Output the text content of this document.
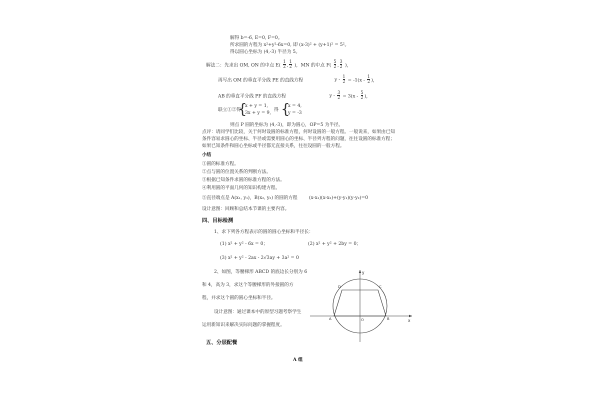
解得 b=-6, E=0, F=0。
所求圆的方程为 x²+y²-6x=0, 即 (x-3)² + (y+1)² = 5²。
得以圆心坐标为 (4,-3) 半径为 5。
解法二：先求出 OM, ON 的中点 $E( \frac{1}{2}$ , $\frac{1}{2}$ )，MN 的中点 $F( \frac{5}{2}$ , $\frac{3}{2}$ )，
再写出 OM 的垂直平分线 PE 的直线方程	$y - \frac{1}{2} = -1(x - \frac{1}{2}$ )，
AB 的垂直平分线 PF 的直线方程	$y - \frac{3}{2} = 3(x - \frac{5}{2}$ )，
联立①②得
{
x + y = 1,
3x + y = 9,
得 {
x = 4,
y = -3
则点 P 圆的坐标为 (4,-3)，即为圆心，OP=5 为半径。
点评：请同学们比较，关于何时设圆的标准方程，何时设圆的一般方程。一般说来，如果由已知
条件容易求圆心的坐标、半径或需要用圆心的坐标、半径列方程的问题，往往设圆的标准方程；
如果已知条件和圆心坐标或半径都无直接关系，往往设圆的一般方程。
小结
①圆的标准方程。
②点与圆的位置关系的判断方法。
③根据已知条件求圆的标准方程的方法。
④利用圆的平面几何的知识构建方程。
⑤直径端点是 A(x₁, y₁)，B(x₂, y₂) 的圆的方程 (x-x₁)(x-x₂)+(y-y₁)(y-y₂)=0
设计意图：回顾和总结本节课的主要内容。
四、目标检测
1、求下列各方程表示的圆的圆心坐标和半径长：
(1) x² + y² - 6x = 0；	(2) x² + y² + 2by = 0；
(3) x² + y² - 2ax - 2√3ay + 3a² = 0
2、如图，等腰梯形 ABCD 的底边长分别为 6
和 4，高为 3，求这个等腰梯形的外接圆的方
程，并求这个圆的圆心坐标和半径。
设计意图：通过课本中的原型习题考察学生
运用新知识来解决实际问题的掌握程度。
x
y
O
A	B
C
D
五、分层配餐
A 组
